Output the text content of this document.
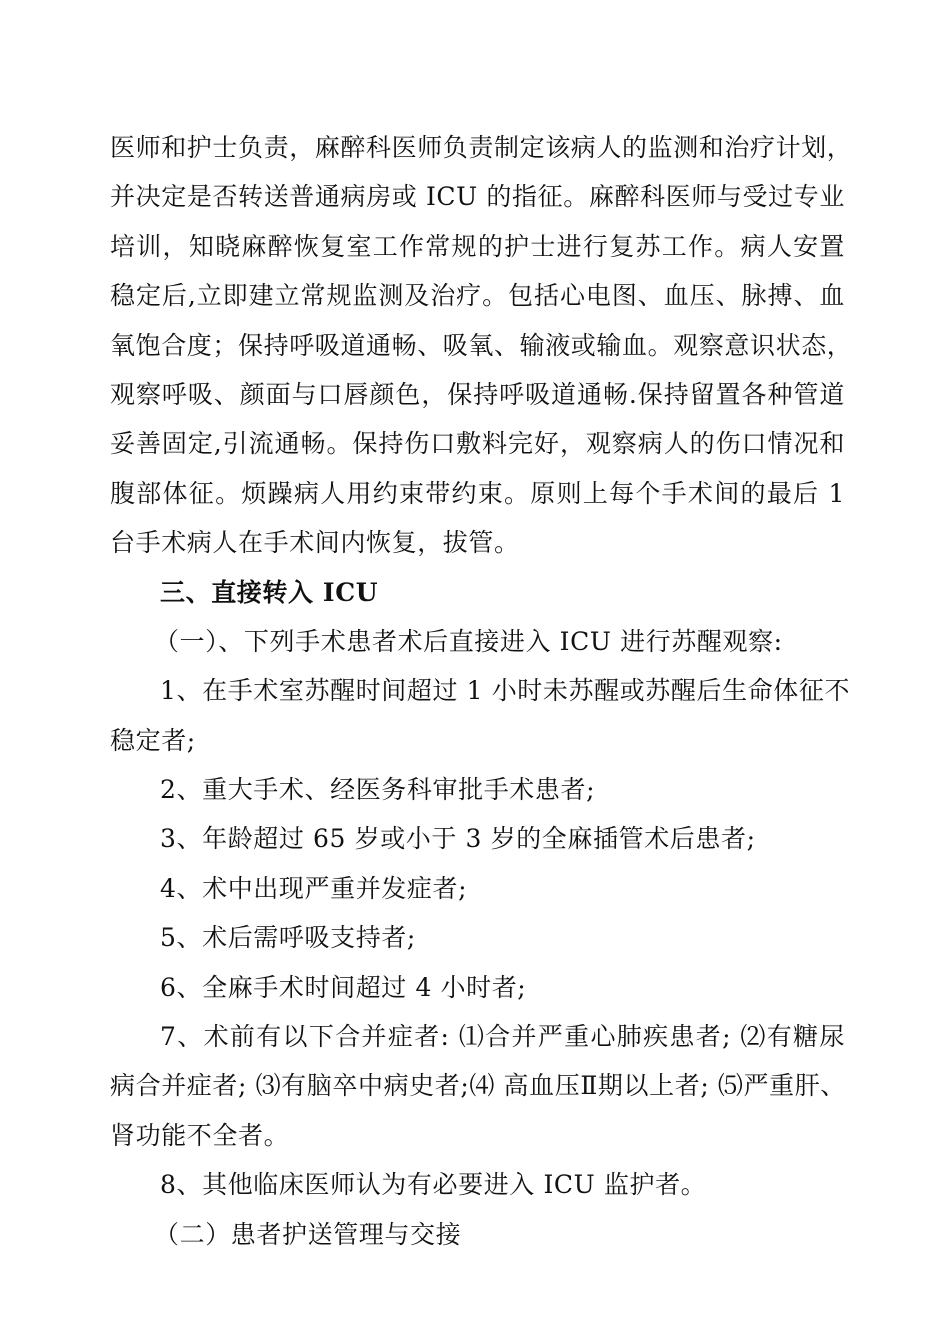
医师和护士负责，麻醉科医师负责制定该病人的监测和治疗计划，
并决定是否转送普通病房或 ICU 的指征。麻醉科医师与受过专业
培训，知晓麻醉恢复室工作常规的护士进行复苏工作。病人安置
稳定后,立即建立常规监测及治疗。包括心电图、血压、脉搏、血
氧饱合度；保持呼吸道通畅、吸氧、输液或输血。观察意识状态，
观察呼吸、颜面与口唇颜色，保持呼吸道通畅.保持留置各种管道
妥善固定,引流通畅。保持伤口敷料完好，观察病人的伤口情况和
腹部体征。烦躁病人用约束带约束。原则上每个手术间的最后 1
台手术病人在手术间内恢复，拔管。
三、直接转入 ICU
（一）、下列手术患者术后直接进入 ICU 进行苏醒观察:
1、在手术室苏醒时间超过 1 小时未苏醒或苏醒后生命体征不
稳定者;
2、重大手术、经医务科审批手术患者;
3、年龄超过 65 岁或小于 3 岁的全麻插管术后患者;
4、术中出现严重并发症者;
5、术后需呼吸支持者;
6、全麻手术时间超过 4 小时者;
7、术前有以下合并症者: ⑴合并严重心肺疾患者; ⑵有糖尿
病合并症者; ⑶有脑卒中病史者;⑷ 高血压Ⅱ期以上者; ⑸严重肝、
肾功能不全者。
8、其他临床医师认为有必要进入 ICU 监护者。
（二）患者护送管理与交接
